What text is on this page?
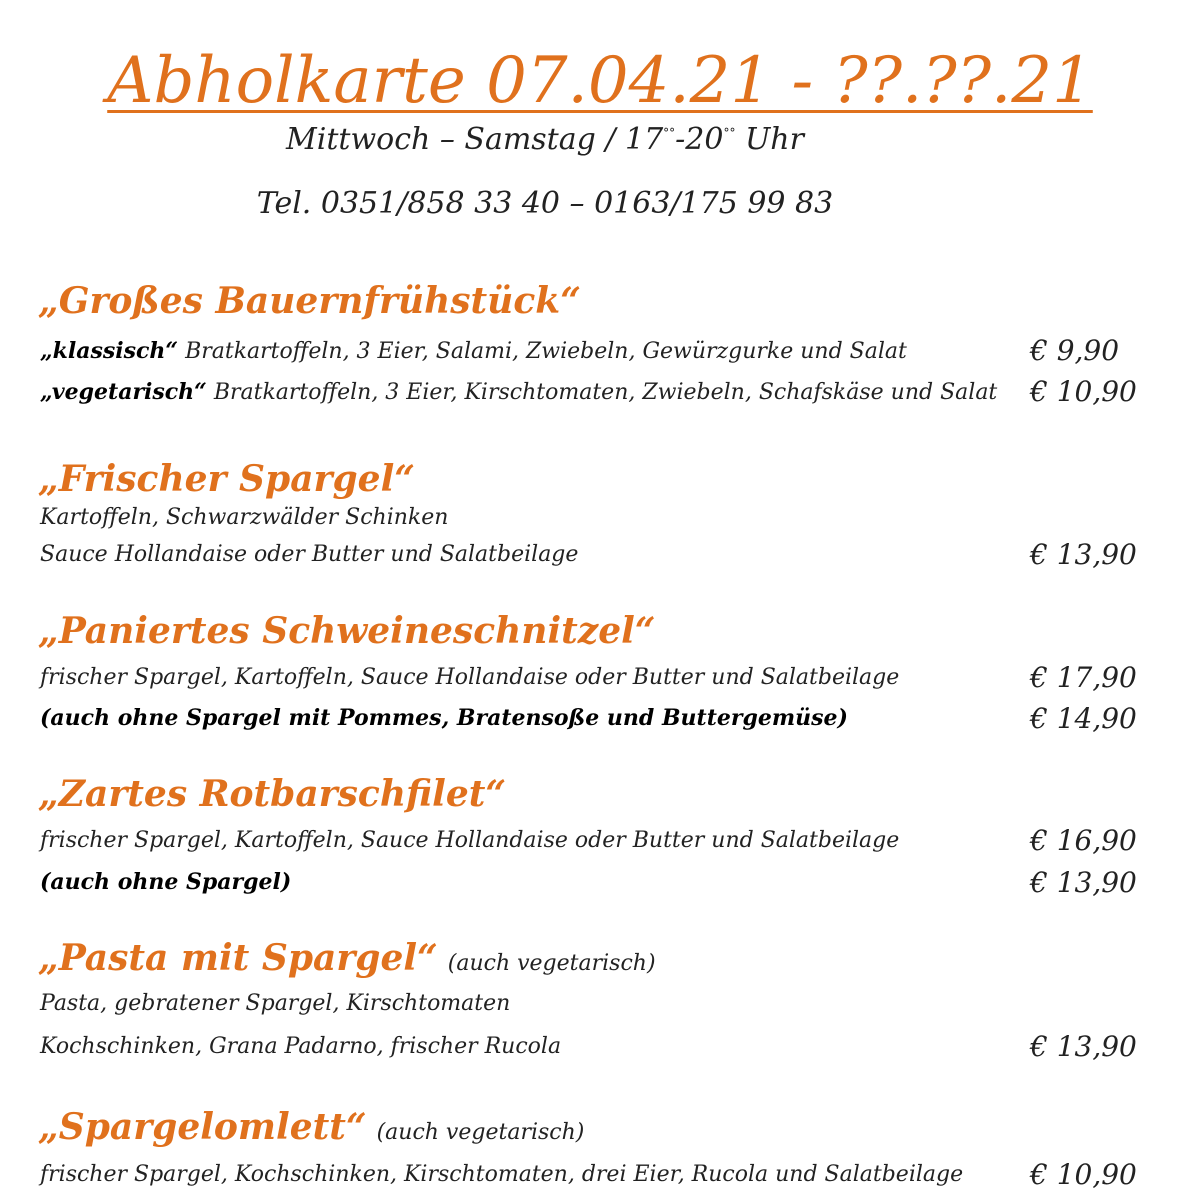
Abholkarte 07.04.21 - ??.??.21
Mittwoch – Samstag / 17°°-20°° Uhr
Tel. 0351/858 33 40 – 0163/175 99 83
„Großes Bauernfrühstück“
„klassisch“ Bratkartoffeln, 3 Eier, Salami, Zwiebeln, Gewürzgurke und Salat	€ 9,90
„vegetarisch“ Bratkartoffeln, 3 Eier, Kirschtomaten, Zwiebeln, Schafskäse und Salat € 10,90
„Frischer Spargel“
Kartoffeln, Schwarzwälder Schinken
Sauce Hollandaise oder Butter und Salatbeilage	€ 13,90
„Paniertes Schweineschnitzel“
frischer Spargel, Kartoffeln, Sauce Hollandaise oder Butter und Salatbeilage	€ 17,90
(auch ohne Spargel mit Pommes, Bratensoße und Buttergemüse)	€ 14,90
„Zartes Rotbarschfilet“
frischer Spargel, Kartoffeln, Sauce Hollandaise oder Butter und Salatbeilage	€ 16,90
(auch ohne Spargel)	€ 13,90
„Pasta mit Spargel“ (auch vegetarisch)
Pasta, gebratener Spargel, Kirschtomaten
Kochschinken, Grana Padarno, frischer Rucola	€ 13,90
„Spargelomlett“ (auch vegetarisch)
frischer Spargel, Kochschinken, Kirschtomaten, drei Eier, Rucola und Salatbeilage € 10,90
